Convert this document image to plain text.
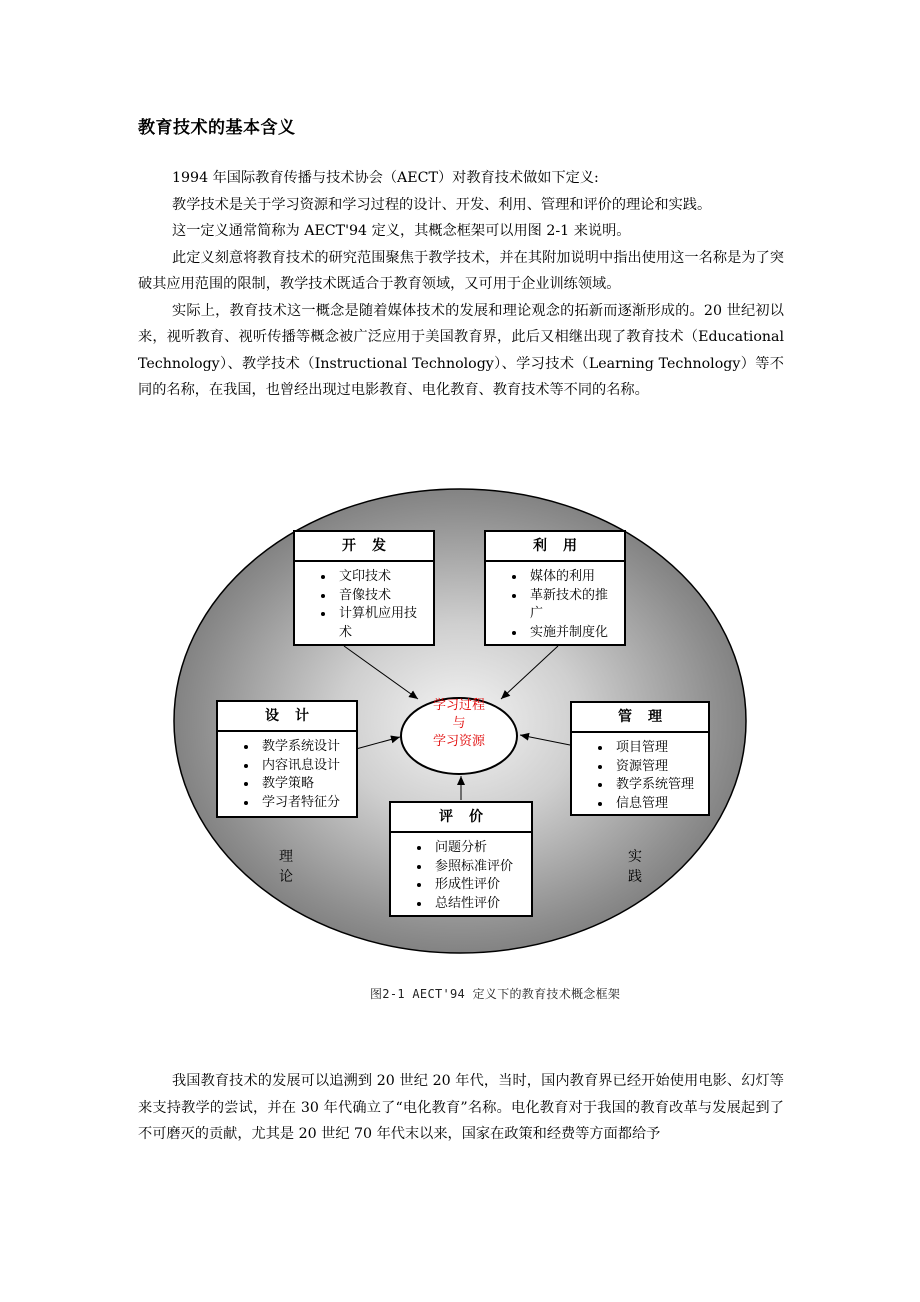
教育技术的基本含义

1994 年国际教育传播与技术协会（AECT）对教育技术做如下定义:

教学技术是关于学习资源和学习过程的设计、开发、利用、管理和评价的理论和实践。

这一定义通常简称为 AECT'94 定义，其概念框架可以用图 2-1 来说明。

此定义刻意将教育技术的研究范围聚焦于教学技术，并在其附加说明中指出使用这一名称是为了突破其应用范围的限制，教学技术既适合于教育领域，又可用于企业训练领域。

实际上，教育技术这一概念是随着媒体技术的发展和理论观念的拓新而逐渐形成的。20 世纪初以来，视听教育、视听传播等概念被广泛应用于美国教育界，此后又相继出现了教育技术（Educational Technology）、教学技术（Instructional Technology）、学习技术（Learning Technology）等不同的名称，在我国，也曾经出现过电影教育、电化教育、教育技术等不同的名称。

学习过程
与
学习资源
开发
• 文印技术
• 音像技术
• 计算机应用技术
利用
• 媒体的利用
• 革新技术的推广
• 实施并制度化
设计
• 教学系统设计
• 内容讯息设计
• 教学策略
• 学习者特征分
管理
• 项目管理
• 资源管理
• 教学系统管理
• 信息管理
评价
• 问题分析
• 参照标准评价
• 形成性评价
• 总结性评价
理论
实践
图2-1 AECT'94 定义下的教育技术概念框架

我国教育技术的发展可以追溯到 20 世纪 20 年代，当时，国内教育界已经开始使用电影、幻灯等来支持教学的尝试，并在 30 年代确立了“电化教育”名称。电化教育对于我国的教育改革与发展起到了不可磨灭的贡献，尤其是 20 世纪 70 年代末以来，国家在政策和经费等方面都给予
